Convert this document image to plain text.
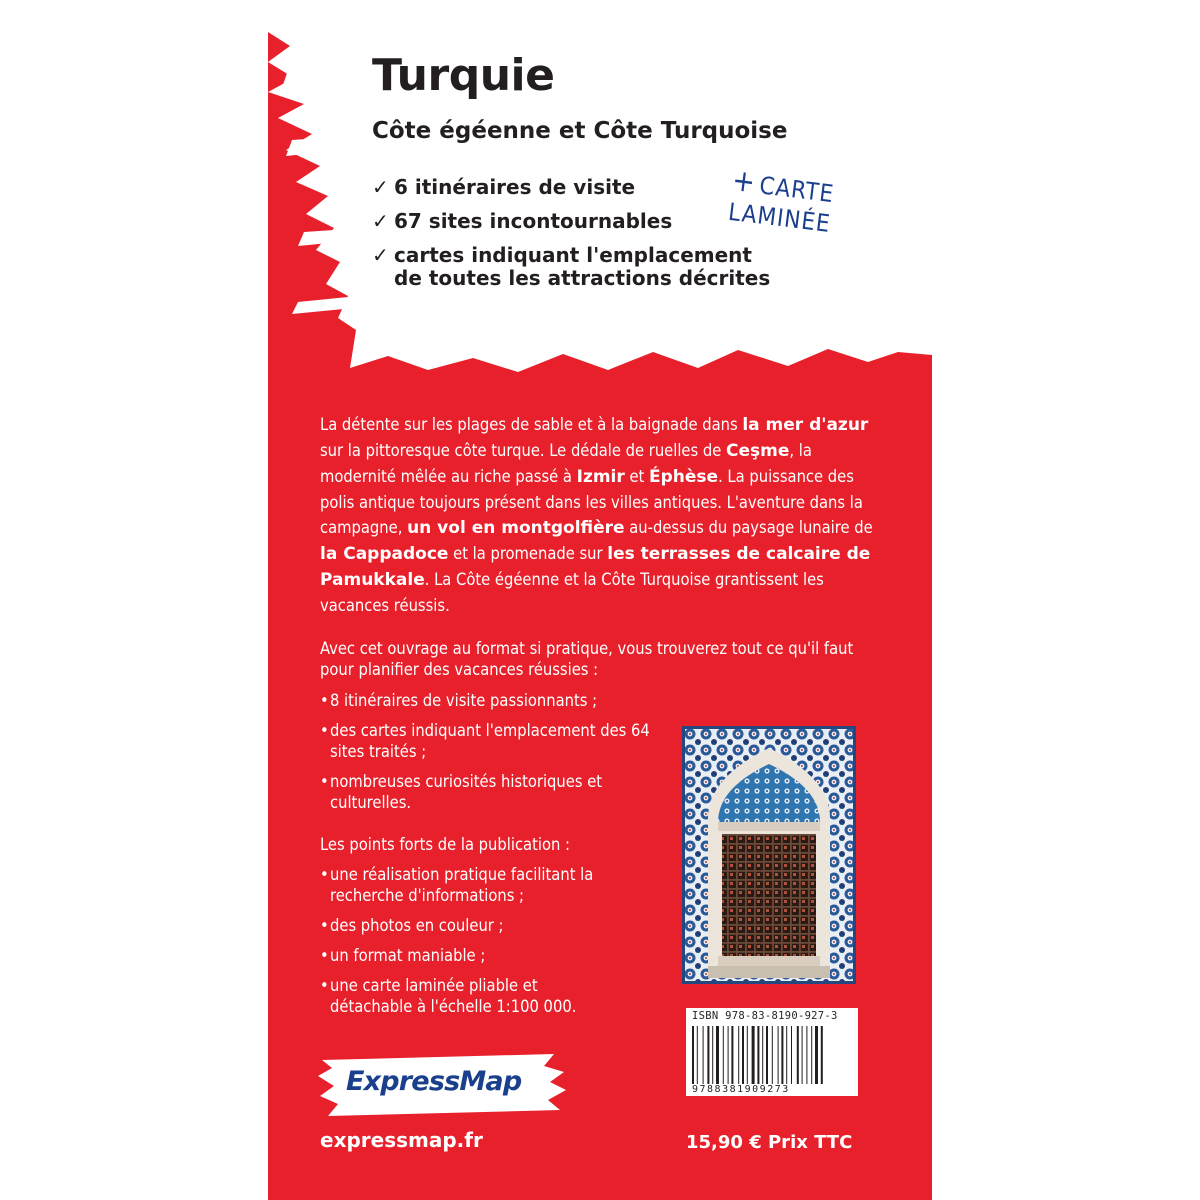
Turquie
Côte égéenne et Côte Turquoise
✓ 6 itinéraires de visite
✓ 67 sites incontournables
✓ cartes indiquant l'emplacement de toutes les attractions décrites
+CARTE
LAMINÉE

La détente sur les plages de sable et à la baignade dans la mer d'azur sur la pittoresque côte turque. Le dédale de ruelles de Ceşme, la modernité mêlée au riche passé à Izmir et Éphèse. La puissance des polis antique toujours présent dans les villes antiques. L'aventure dans la campagne, un vol en montgolfière au-dessus du paysage lunaire de la Cappadoce et la promenade sur les terrasses de calcaire de Pamukkale. La Côte égéenne et la Côte Turquoise grantissent les vacances réussis.

Avec cet ouvrage au format si pratique, vous trouverez tout ce qu'il faut pour planifier des vacances réussies :

• 8 itinéraires de visite passionnants ;
• des cartes indiquant l'emplacement des 64 sites traités ;
• nombreuses curiosités historiques et culturelles.

Les points forts de la publication :

• une réalisation pratique facilitant la recherche d'informations ;
• des photos en couleur ;
• un format maniable ;
• une carte laminée pliable et détachable à l'échelle 1:100 000.	ISBN 978-83-8190-927-3
9788381909273
ExpressMap
expressmap.fr	15,90 € Prix TTC
